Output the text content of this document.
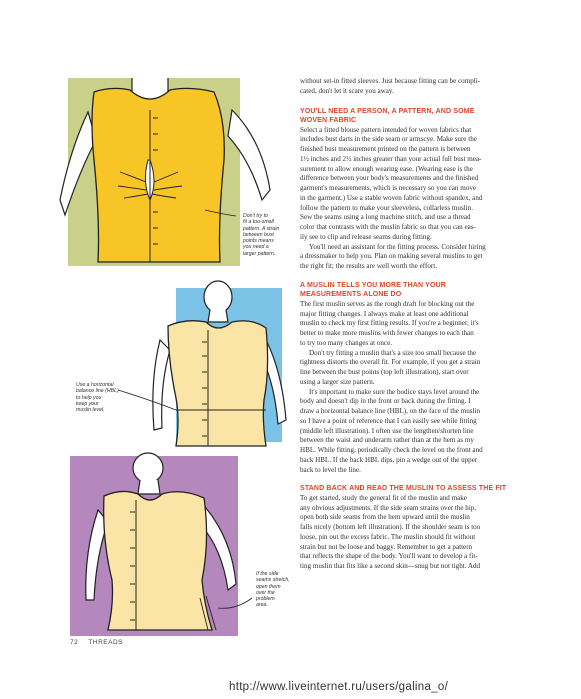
Don't try to
fit a too-small
pattern. A strain
between bust
points means
you need a
larger pattern.
Use a horizontal
balance line (HBL)
to help you
keep your
muslin level.
If the side
seams stretch,
open them
over the
problem
area.

without set-in fitted sleeves. Just because fitting can be compli-
cated, don't let it scare you away.

YOU'LL NEED A PERSON, A PATTERN, AND SOME
WOVEN FABRIC

Select a fitted blouse pattern intended for woven fabrics that
includes bust darts in the side seam or armscye. Make sure the
finished bust measurement printed on the pattern is between
1½ inches and 2½ inches greater than your actual full bust mea-
surement to allow enough wearing ease. (Wearing ease is the
difference between your body's measurements and the finished
garment's measurements, which is necessary so you can move
in the garment.) Use a stable woven fabric without spandex, and
follow the pattern to make your sleeveless, collarless muslin.
Sew the seams using a long machine stitch, and use a thread
color that contrasts with the muslin fabric so that you can eas-
ily see to clip and release seams during fitting.

You'll need an assistant for the fitting process. Consider hiring
a dressmaker to help you. Plan on making several muslins to get
the right fit; the results are well worth the effort.

A MUSLIN TELLS YOU MORE THAN YOUR
MEASUREMENTS ALONE DO

The first muslin serves as the rough draft for blocking out the
major fitting changes. I always make at least one additional
muslin to check my first fitting results. If you're a beginner, it's
better to make more muslins with fewer changes to each than
to try too many changes at once.

Don't try fitting a muslin that's a size too small because the
tightness distorts the overall fit. For example, if you get a strain
line between the bust points (top left illustration), start over
using a larger size pattern.

It's important to make sure the bodice stays level around the
body and doesn't dip in the front or back during the fitting. I
draw a horizontal balance line (HBL), on the face of the muslin
so I have a point of reference that I can easily see while fitting
(middle left illustration). I often use the lengthen/shorten line
between the waist and underarm rather than at the hem as my
HBL. While fitting, periodically check the level on the front and
back HBL. If the back HBL dips, pin a wedge out of the upper
back to level the line.

STAND BACK AND READ THE MUSLIN TO ASSESS THE FIT

To get started, study the general fit of the muslin and make
any obvious adjustments. If the side seam strains over the hip,
open both side seams from the hem upward until the muslin
falls nicely (bottom left illustration). If the shoulder seam is too
loose, pin out the excess fabric. The muslin should fit without
strain but not be loose and baggy. Remember to get a pattern
that reflects the shape of the body. You'll want to develop a fit-
ting muslin that fits like a second skin—snug but not tight. Add

72 THREADS
http://www.liveinternet.ru/users/galina_o/
